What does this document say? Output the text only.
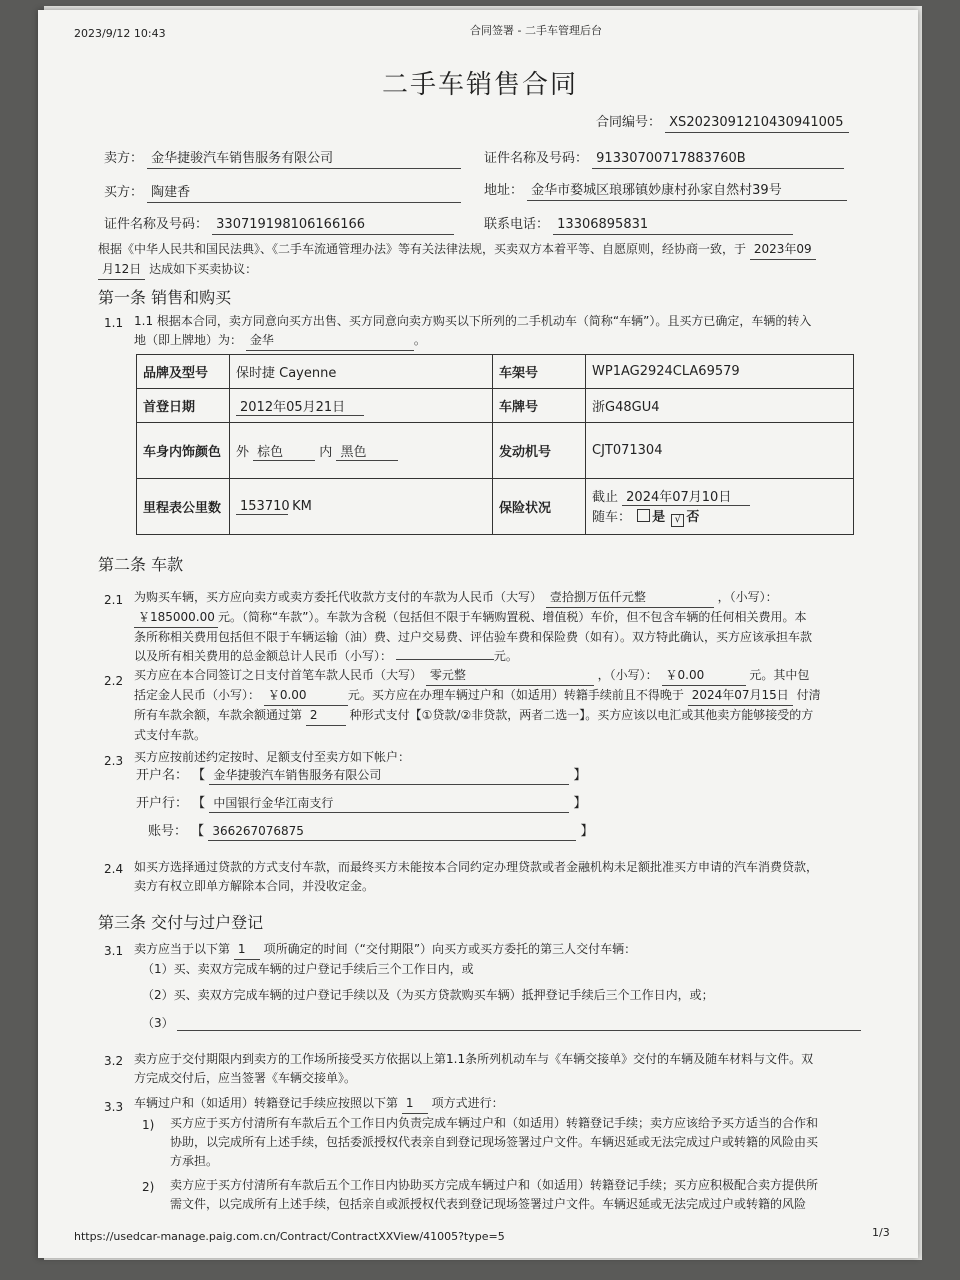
2023/9/12 10:43	合同签署 - 二手车管理后台
二手车销售合同
合同编号： XS2023091210430941005
卖方： 金华捷骏汽车销售服务有限公司	证件名称及号码： 91330700717883760B
买方： 陶建香	地址： 金华市婺城区琅琊镇妙康村孙家自然村39号
证件名称及号码： 330719198106166166	联系电话： 13306895831
根据《中华人民共和国民法典》、《二手车流通管理办法》等有关法律法规，买卖双方本着平等、自愿原则，经协商一致，于 2023年09
月12日 达成如下买卖协议：
第一条 销售和购买
1.1 1.1 根据本合同，卖方同意向买方出售、买方同意向卖方购买以下所列的二手机动车（简称“车辆”）。且买方已确定，车辆的转入
地（即上牌地）为： 金华	。
品牌及型号	保时捷 Cayenne	车架号	WP1AG2924CLA69579
首登日期	2012年05月21日	车牌号	浙G48GU4
车身内饰颜色	外 棕色 内 黑色	发动机号	CJT071304
里程表公里数	153710 KM	保险状况	截止 2024年07月10日
随车： 是 √ 否
第二条 车款
2.1 为购买车辆，买方应向卖方或卖方委托代收款方支付的车款为人民币（大写） 壹拾捌万伍仟元整	，（小写）：
￥185000.00 元。（简称“车款”）。车款为含税（包括但不限于车辆购置税、增值税）车价，但不包含车辆的任何相关费用。本
条所称相关费用包括但不限于车辆运输（油）费、过户交易费、评估验车费和保险费（如有）。双方特此确认，买方应该承担车款
以及所有相关费用的总金额总计人民币（小写）：	元。
2.2 买方应在本合同签订之日支付首笔车款人民币（大写） 零元整	，（小写）： ￥0.00	元。其中包
括定金人民币（小写）： ￥0.00	元。买方应在办理车辆过户和（如适用）转籍手续前且不得晚于 2024年07月15日 付清
所有车款余额，车款余额通过第 2	种形式支付【①贷款/②非贷款，两者二选一】。买方应该以电汇或其他卖方能够接受的方
式支付车款。
2.3 买方应按前述约定按时、足额支付至卖方如下帐户：
开户名： 【 金华捷骏汽车销售服务有限公司	】
开户行： 【 中国银行金华江南支行	】
账号： 【 366267076875	】
2.4 如买方选择通过贷款的方式支付车款，而最终买方未能按本合同约定办理贷款或者金融机构未足额批准买方申请的汽车消费贷款，
卖方有权立即单方解除本合同，并没收定金。
第三条 交付与过户登记
3.1 卖方应当于以下第 1 项所确定的时间（“交付期限”）向买方或买方委托的第三人交付车辆：
（1）买、卖双方完成车辆的过户登记手续后三个工作日内，或
（2）买、卖双方完成车辆的过户登记手续以及（为买方贷款购买车辆）抵押登记手续后三个工作日内，或；
（3）
3.2 卖方应于交付期限内到卖方的工作场所接受买方依据以上第1.1条所列机动车与《车辆交接单》交付的车辆及随车材料与文件。双
方完成交付后，应当签署《车辆交接单》。
3.3 车辆过户和（如适用）转籍登记手续应按照以下第 1 项方式进行：
1) 买方应于买方付清所有车款后五个工作日内负责完成车辆过户和（如适用）转籍登记手续；卖方应该给予买方适当的合作和
协助，以完成所有上述手续，包括委派授权代表亲自到登记现场签署过户文件。车辆迟延或无法完成过户或转籍的风险由买
方承担。
2) 卖方应于买方付清所有车款后五个工作日内协助买方完成车辆过户和（如适用）转籍登记手续；买方应积极配合卖方提供所
需文件，以完成所有上述手续，包括亲自或派授权代表到登记现场签署过户文件。车辆迟延或无法完成过户或转籍的风险
https://usedcar-manage.paig.com.cn/Contract/ContractXXView/41005?type=5	1/3
